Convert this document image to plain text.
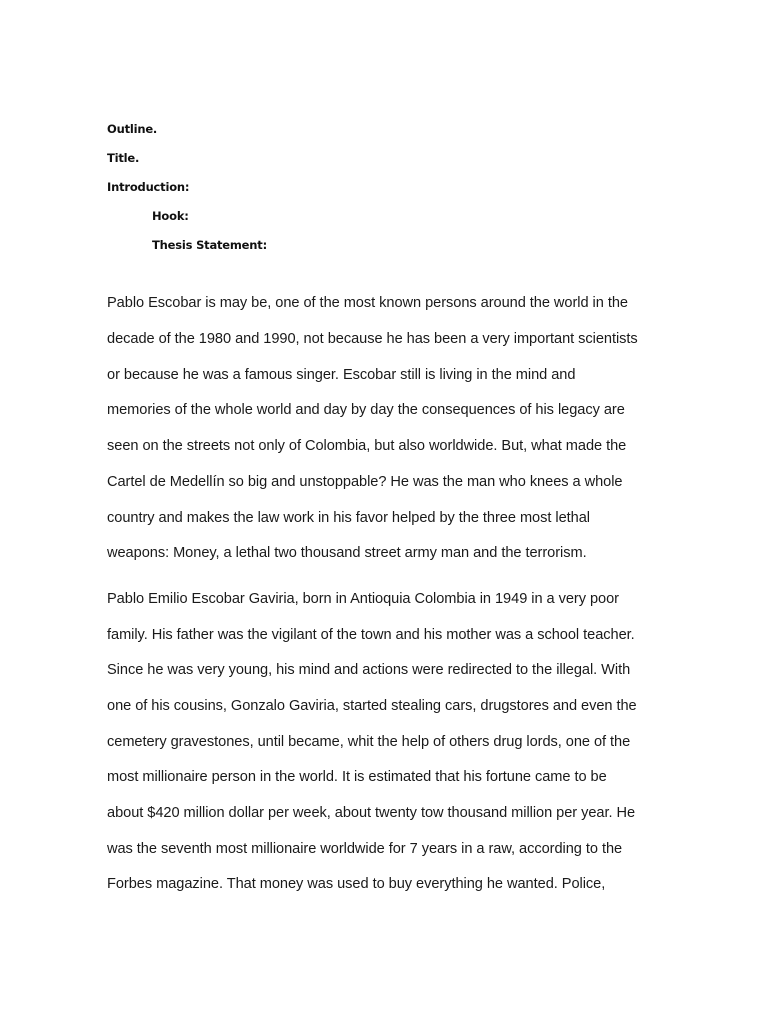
Outline.
Title.
Introduction:
Hook:
Thesis Statement:
Pablo Escobar is may be, one of the most known persons around the world in the
decade of the 1980 and 1990, not because he has been a very important scientists
or because he was a famous singer. Escobar still is living in the mind and
memories of the whole world and day by day the consequences of his legacy are
seen on the streets not only of Colombia, but also worldwide. But, what made the
Cartel de Medellín so big and unstoppable? He was the man who knees a whole
country and makes the law work in his favor helped by the three most lethal
weapons: Money, a lethal two thousand street army man and the terrorism.
Pablo Emilio Escobar Gaviria, born in Antioquia Colombia in 1949 in a very poor
family. His father was the vigilant of the town and his mother was a school teacher.
Since he was very young, his mind and actions were redirected to the illegal. With
one of his cousins, Gonzalo Gaviria, started stealing cars, drugstores and even the
cemetery gravestones, until became, whit the help of others drug lords, one of the
most millionaire person in the world. It is estimated that his fortune came to be
about $420 million dollar per week, about twenty tow thousand million per year. He
was the seventh most millionaire worldwide for 7 years in a raw, according to the
Forbes magazine. That money was used to buy everything he wanted. Police,
